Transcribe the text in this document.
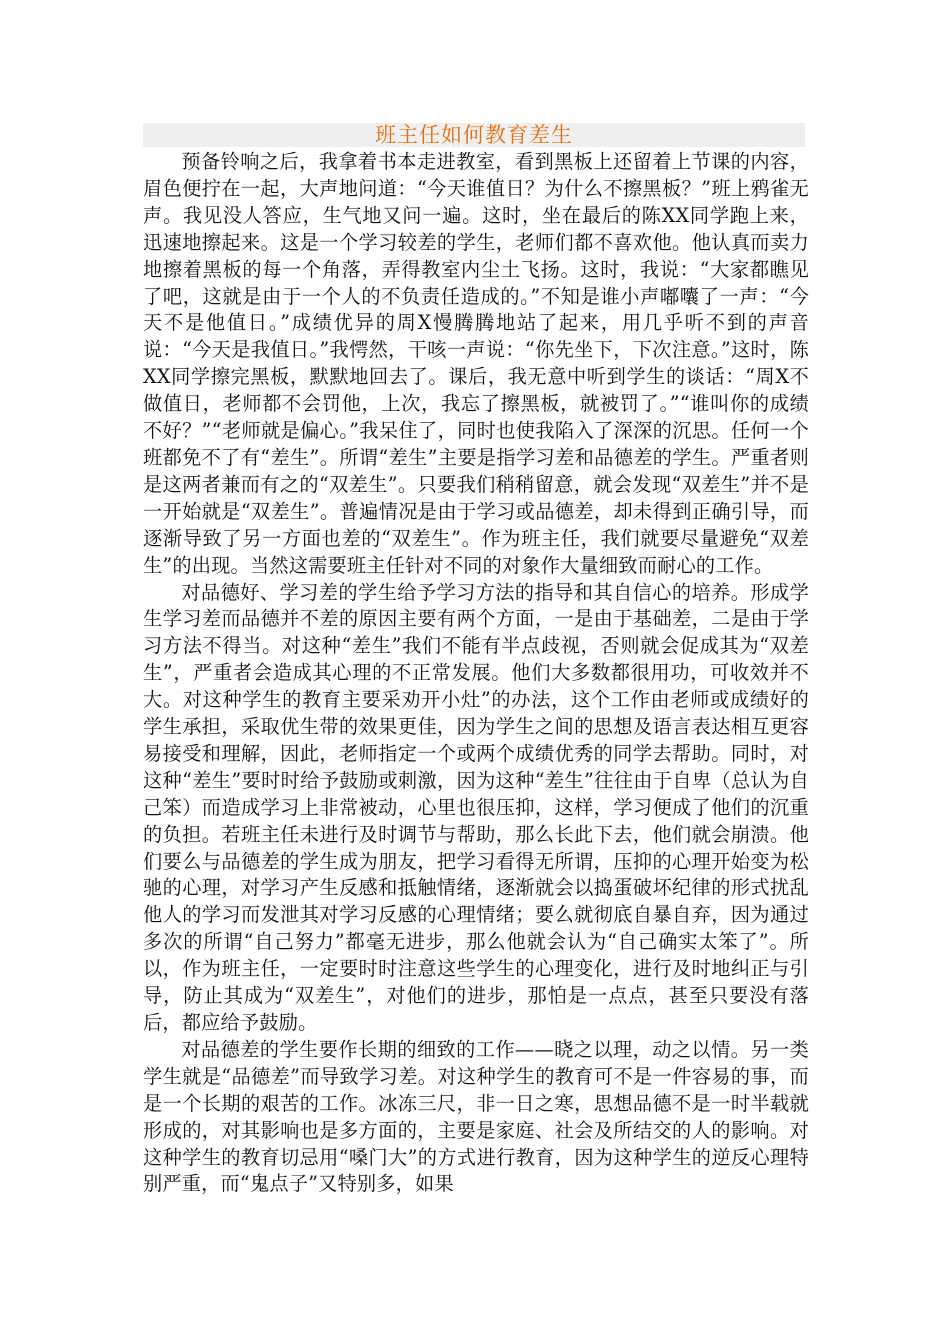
班主任如何教育差生

预备铃响之后，我拿着书本走进教室，看到黑板上还留着上节课的内容，眉色便拧在一起，大声地问道：“今天谁值日？为什么不擦黑板？”班上鸦雀无声。我见没人答应，生气地又问一遍。这时，坐在最后的陈XX同学跑上来，迅速地擦起来。这是一个学习较差的学生，老师们都不喜欢他。他认真而卖力地擦着黑板的每一个角落，弄得教室内尘土飞扬。这时，我说：“大家都瞧见了吧，这就是由于一个人的不负责任造成的。”不知是谁小声嘟囔了一声：“今天不是他值日。”成绩优异的周X慢腾腾地站了起来，用几乎听不到的声音说：“今天是我值日。”我愕然，干咳一声说：“你先坐下，下次注意。”这时，陈XX同学擦完黑板，默默地回去了。课后，我无意中听到学生的谈话：“周X不做值日，老师都不会罚他，上次，我忘了擦黑板，就被罚了。”“谁叫你的成绩不好？”“老师就是偏心。”我呆住了，同时也使我陷入了深深的沉思。任何一个班都免不了有“差生”。所谓“差生”主要是指学习差和品德差的学生。严重者则是这两者兼而有之的“双差生”。只要我们稍稍留意，就会发现“双差生”并不是一开始就是“双差生”。普遍情况是由于学习或品德差，却未得到正确引导，而逐渐导致了另一方面也差的“双差生”。作为班主任，我们就要尽量避免“双差生”的出现。当然这需要班主任针对不同的对象作大量细致而耐心的工作。

对品德好、学习差的学生给予学习方法的指导和其自信心的培养。形成学生学习差而品德并不差的原因主要有两个方面，一是由于基础差，二是由于学习方法不得当。对这种“差生”我们不能有半点歧视，否则就会促成其为“双差生”，严重者会造成其心理的不正常发展。他们大多数都很用功，可收效并不大。对这种学生的教育主要采劝开小灶”的办法，这个工作由老师或成绩好的学生承担，采取优生带的效果更佳，因为学生之间的思想及语言表达相互更容易接受和理解，因此，老师指定一个或两个成绩优秀的同学去帮助。同时，对这种“差生”要时时给予鼓励或刺激，因为这种“差生”往往由于自卑（总认为自己笨）而造成学习上非常被动，心里也很压抑，这样，学习便成了他们的沉重的负担。若班主任未进行及时调节与帮助，那么长此下去，他们就会崩溃。他们要么与品德差的学生成为朋友，把学习看得无所谓，压抑的心理开始变为松驰的心理，对学习产生反感和抵触情绪，逐渐就会以捣蛋破坏纪律的形式扰乱他人的学习而发泄其对学习反感的心理情绪；要么就彻底自暴自弃，因为通过多次的所谓“自己努力”都毫无进步，那么他就会认为“自己确实太笨了”。所以，作为班主任，一定要时时注意这些学生的心理变化，进行及时地纠正与引导，防止其成为“双差生”，对他们的进步，那怕是一点点，甚至只要没有落后，都应给予鼓励。

对品德差的学生要作长期的细致的工作——晓之以理，动之以情。另一类学生就是“品德差”而导致学习差。对这种学生的教育可不是一件容易的事，而是一个长期的艰苦的工作。冰冻三尺，非一日之寒，思想品德不是一时半载就形成的，对其影响也是多方面的，主要是家庭、社会及所结交的人的影响。对这种学生的教育切忌用“嗓门大”的方式进行教育，因为这种学生的逆反心理特别严重，而“鬼点子”又特别多，如果
